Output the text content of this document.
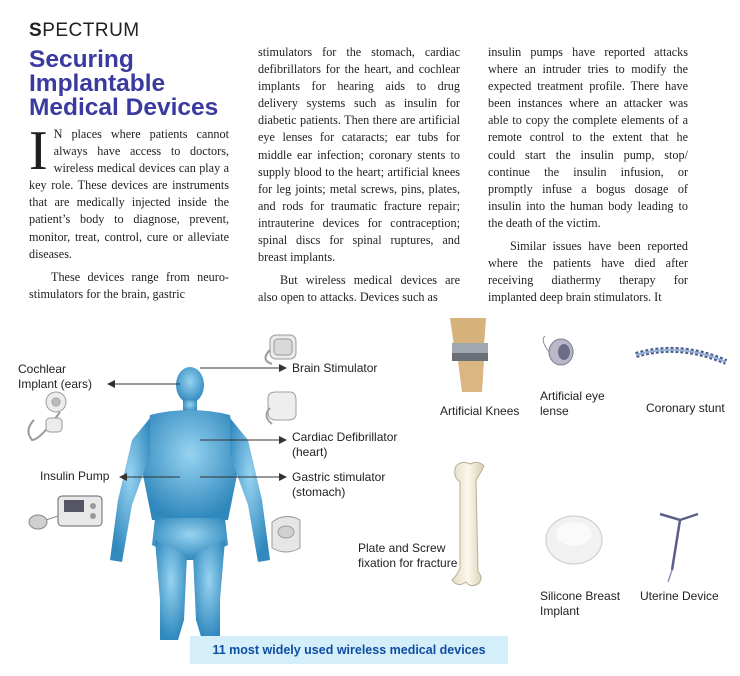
SPECTRUM
Securing
Implantable
Medical Devices

I N places where patients cannot always have access to doctors, wireless medical devices can play a key role. These devices are instruments that are medically injected inside the patient’s body to diagnose, prevent, monitor, treat, control, cure or alleviate diseases.

These devices range from neuro-stimulators for the brain, gastric

stimulators for the stomach, cardiac defibrillators for the heart, and cochlear implants for hearing aids to drug delivery systems such as insulin for diabetic patients. Then there are artificial eye lenses for cataracts; ear tubs for middle ear infection; coronary stents to supply blood to the heart; artificial knees for leg joints; metal screws, pins, plates, and rods for traumatic fracture repair; intrauterine devices for contraception; spinal discs for spinal ruptures, and breast implants.

But wireless medical devices are also open to attacks. Devices such as

insulin pumps have reported attacks where an intruder tries to modify the expected treatment profile. There have been instances where an attacker was able to copy the complete elements of a remote control to the extent that he could start the insulin pump, stop/ continue the insulin infusion, or promptly infuse a bogus dosage of insulin into the human body leading to the death of the victim.

Similar issues have been reported where the patients have died after receiving diathermy therapy for implanted deep brain stimulators. It

Cochlear
Implant (ears)
Insulin Pump
Brain Stimulator
Cardiac Defibrillator
(heart)
Gastric stimulator
(stomach)
Plate and Screw
fixation for fracture
Artificial Knees
Artificial eye
lense	Coronary stunt
Silicone Breast
Implant
Uterine Device
11 most widely used wireless medical devices
